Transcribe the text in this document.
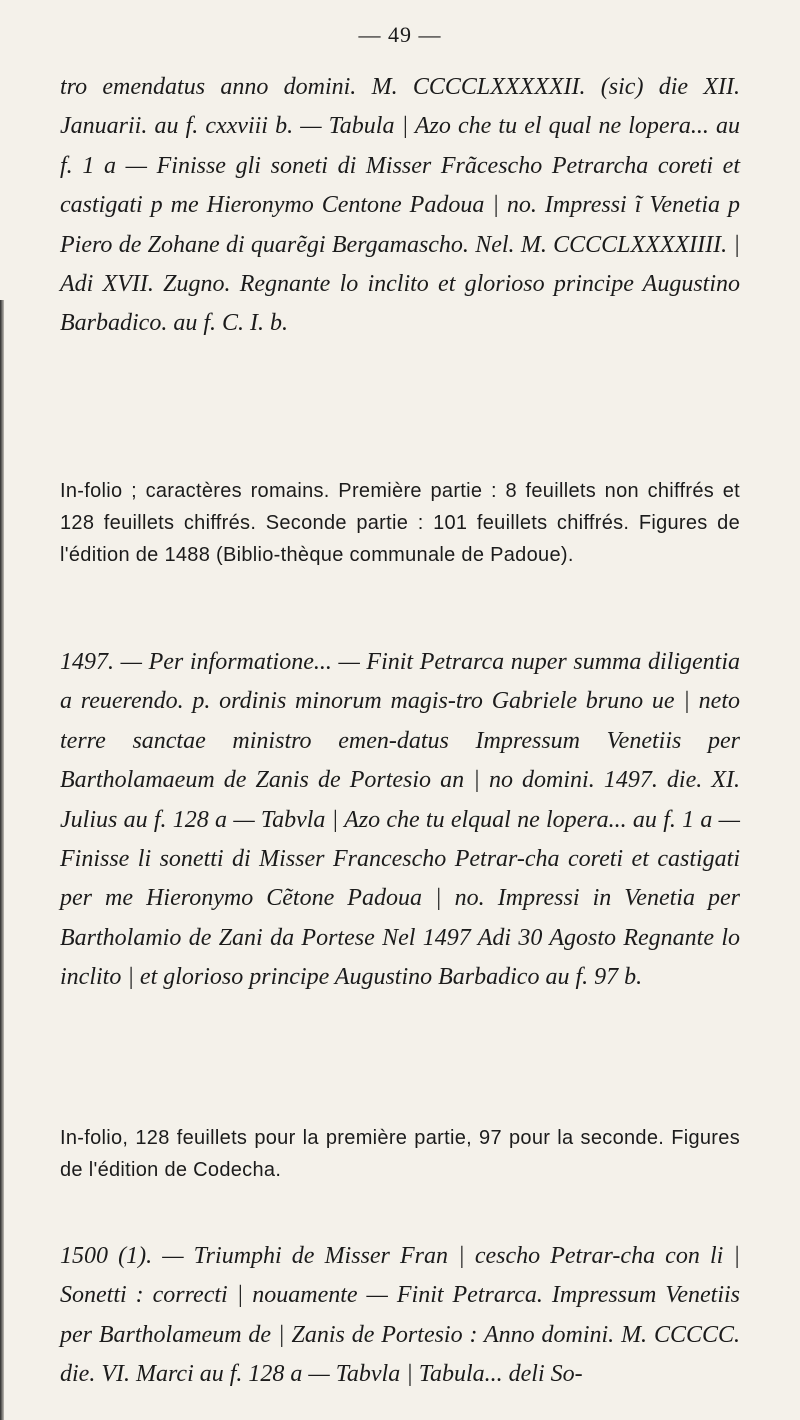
— 49 —

tro emendatus anno domini. M. CCCCLXXXXXII. (sic) die XII. Januarii. au f. cxxviii b. — Tabula | Azo che tu el qual ne lopera... au f. 1 a — Finisse gli soneti di Misser Frãcescho Petrarcha coreti et castigati p me Hieronymo Centone Padoua | no. Impressi ĩ Venetia p Piero de Zohane di quarẽgi Bergamascho. Nel. M. CCCCLXXXXIIII. | Adi XVII. Zugno. Regnante lo inclito et glorioso principe Augustino Barbadico. au f. C. I. b.

In-folio ; caractères romains. Première partie : 8 feuillets non chiffrés et 128 feuillets chiffrés. Seconde partie : 101 feuillets chiffrés. Figures de l'édition de 1488 (Biblio-thèque communale de Padoue).

1497. — Per informatione... — Finit Petrarca nuper summa diligentia a reuerendo. p. ordinis minorum magis-tro Gabriele bruno ue | neto terre sanctae ministro emen-datus Impressum Venetiis per Bartholamaeum de Zanis de Portesio an | no domini. 1497. die. XI. Julius au f. 128 a — Tabvla | Azo che tu elqual ne lopera... au f. 1 a — Finisse li sonetti di Misser Francescho Petrar-cha coreti et castigati per me Hieronymo Cẽtone Padoua | no. Impressi in Venetia per Bartholamio de Zani da Portese Nel 1497 Adi 30 Agosto Regnante lo inclito | et glorioso principe Augustino Barbadico au f. 97 b.

In-folio, 128 feuillets pour la première partie, 97 pour la seconde. Figures de l'édition de Codecha.

1500 (1). — Triumphi de Misser Fran | cescho Petrar-cha con li | Sonetti : correcti | nouamente — Finit Petrarca. Impressum Venetiis per Bartholameum de | Zanis de Portesio : Anno domini. M. CCCCC. die. VI. Marci au f. 128 a — Tabvla | Tabula... deli So-
